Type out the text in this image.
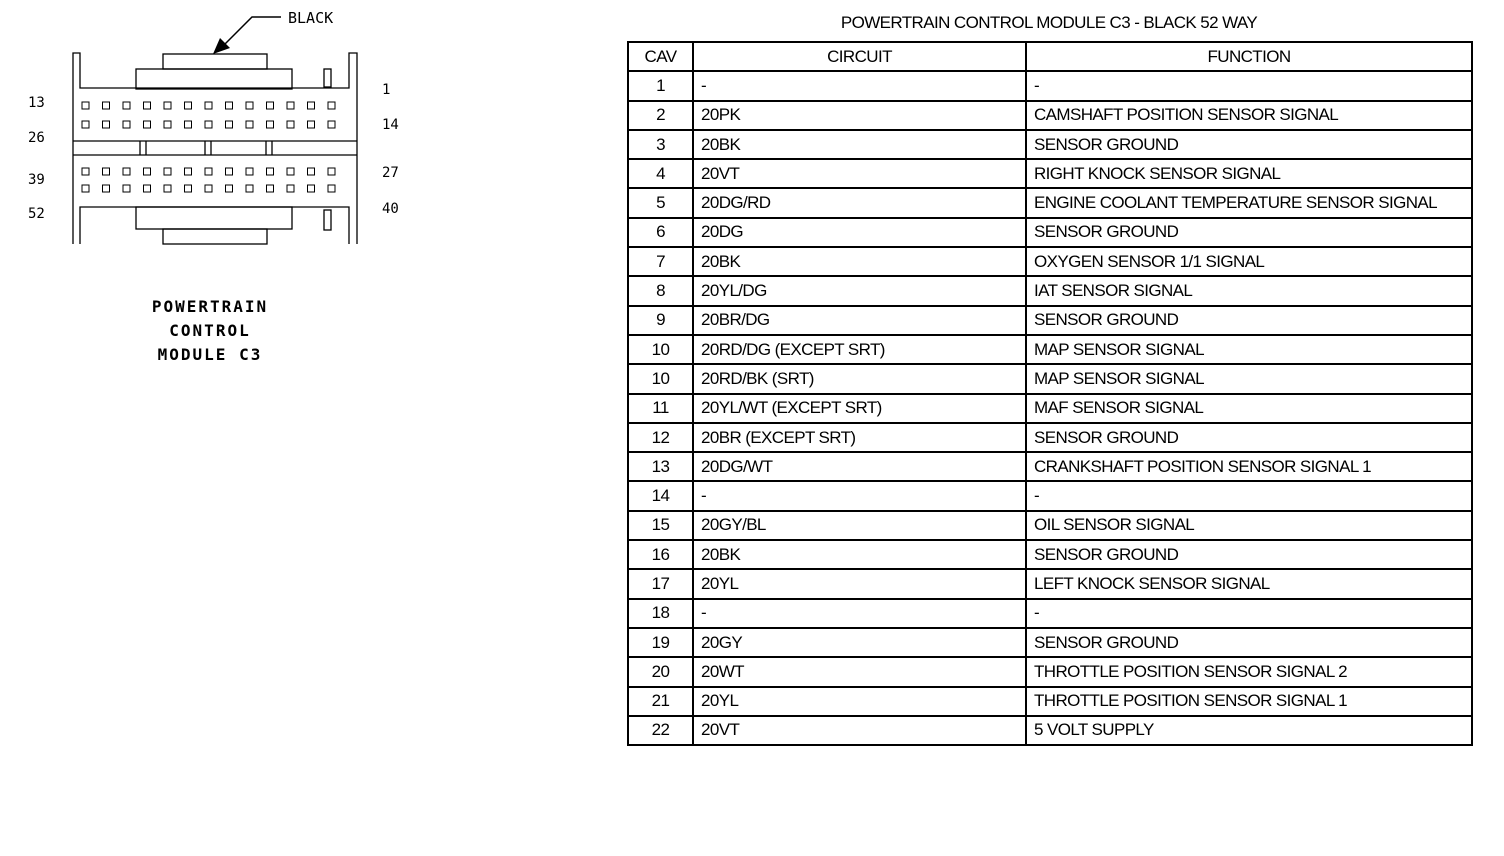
BLACK
13
26
39
52
1
14
27
40
POWERTRAIN
CONTROL
MODULE C3
POWERTRAIN CONTROL MODULE C3 - BLACK 52 WAY
CAV	CIRCUIT	FUNCTION
1	-	-
2	20PK	CAMSHAFT POSITION SENSOR SIGNAL
3	20BK	SENSOR GROUND
4	20VT	RIGHT KNOCK SENSOR SIGNAL
5	20DG/RD	ENGINE COOLANT TEMPERATURE SENSOR SIGNAL
6	20DG	SENSOR GROUND
7	20BK	OXYGEN SENSOR 1/1 SIGNAL
8	20YL/DG	IAT SENSOR SIGNAL
9	20BR/DG	SENSOR GROUND
10	20RD/DG (EXCEPT SRT)	MAP SENSOR SIGNAL
10	20RD/BK (SRT)	MAP SENSOR SIGNAL
11	20YL/WT (EXCEPT SRT)	MAF SENSOR SIGNAL
12	20BR (EXCEPT SRT)	SENSOR GROUND
13	20DG/WT	CRANKSHAFT POSITION SENSOR SIGNAL 1
14	-	-
15	20GY/BL	OIL SENSOR SIGNAL
16	20BK	SENSOR GROUND
17	20YL	LEFT KNOCK SENSOR SIGNAL
18	-	-
19	20GY	SENSOR GROUND
20	20WT	THROTTLE POSITION SENSOR SIGNAL 2
21	20YL	THROTTLE POSITION SENSOR SIGNAL 1
22	20VT	5 VOLT SUPPLY
